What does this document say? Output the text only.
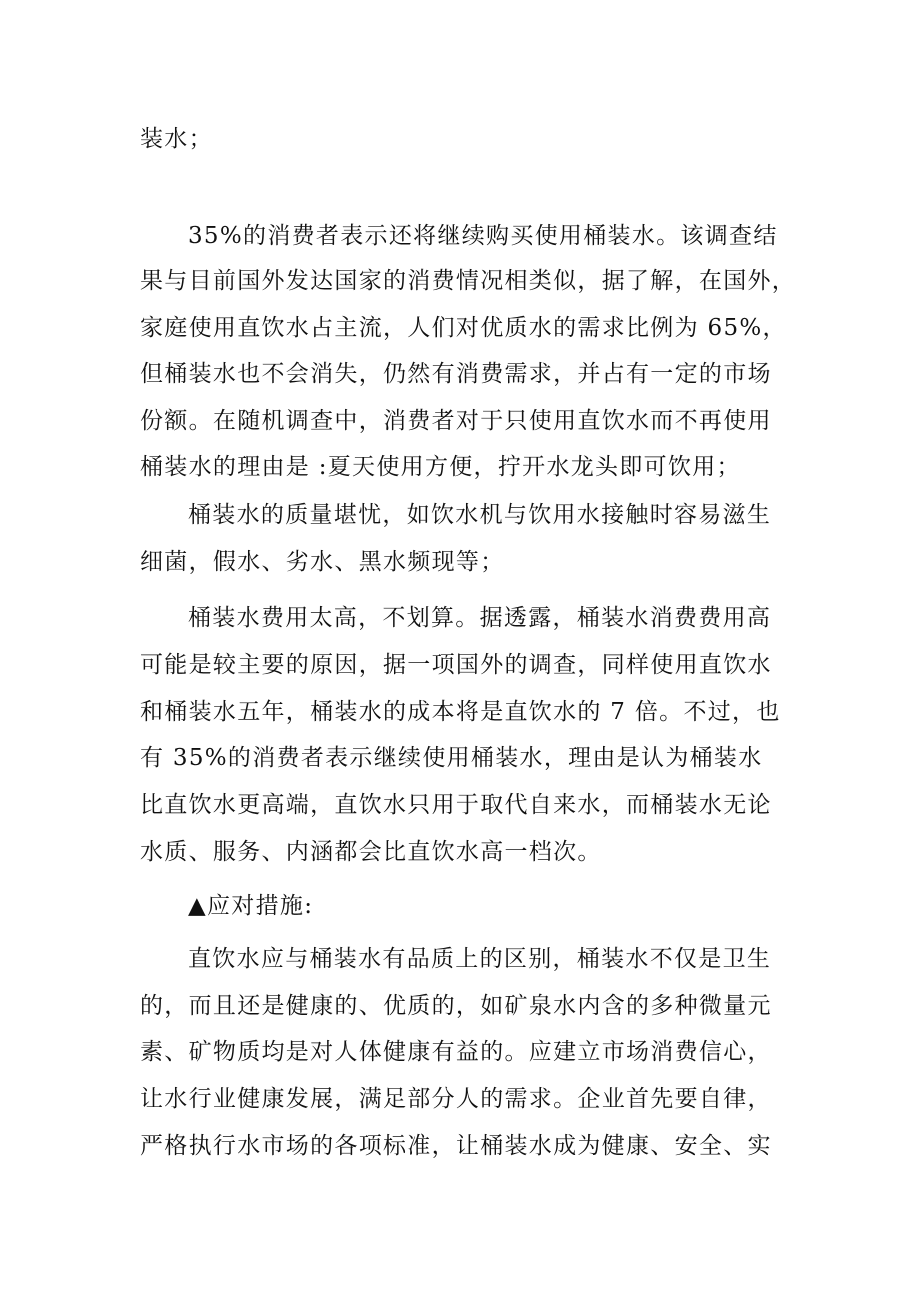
装水；
35%的消费者表示还将继续购买使用桶装水。该调查结
果与目前国外发达国家的消费情况相类似，据了解，在国外，
家庭使用直饮水占主流，人们对优质水的需求比例为 65%，
但桶装水也不会消失，仍然有消费需求，并占有一定的市场
份额。在随机调查中，消费者对于只使用直饮水而不再使用
桶装水的理由是 :夏天使用方便，拧开水龙头即可饮用；
桶装水的质量堪忧，如饮水机与饮用水接触时容易滋生
细菌，假水、劣水、黑水频现等；
桶装水费用太高，不划算。据透露，桶装水消费费用高
可能是较主要的原因，据一项国外的调查，同样使用直饮水
和桶装水五年，桶装水的成本将是直饮水的 7 倍。不过，也
有 35%的消费者表示继续使用桶装水，理由是认为桶装水
比直饮水更高端，直饮水只用于取代自来水，而桶装水无论
水质、服务、内涵都会比直饮水高一档次。
▲应对措施:
直饮水应与桶装水有品质上的区别，桶装水不仅是卫生
的，而且还是健康的、优质的，如矿泉水内含的多种微量元
素、矿物质均是对人体健康有益的。应建立市场消费信心，
让水行业健康发展，满足部分人的需求。企业首先要自律，
严格执行水市场的各项标准，让桶装水成为健康、安全、实
